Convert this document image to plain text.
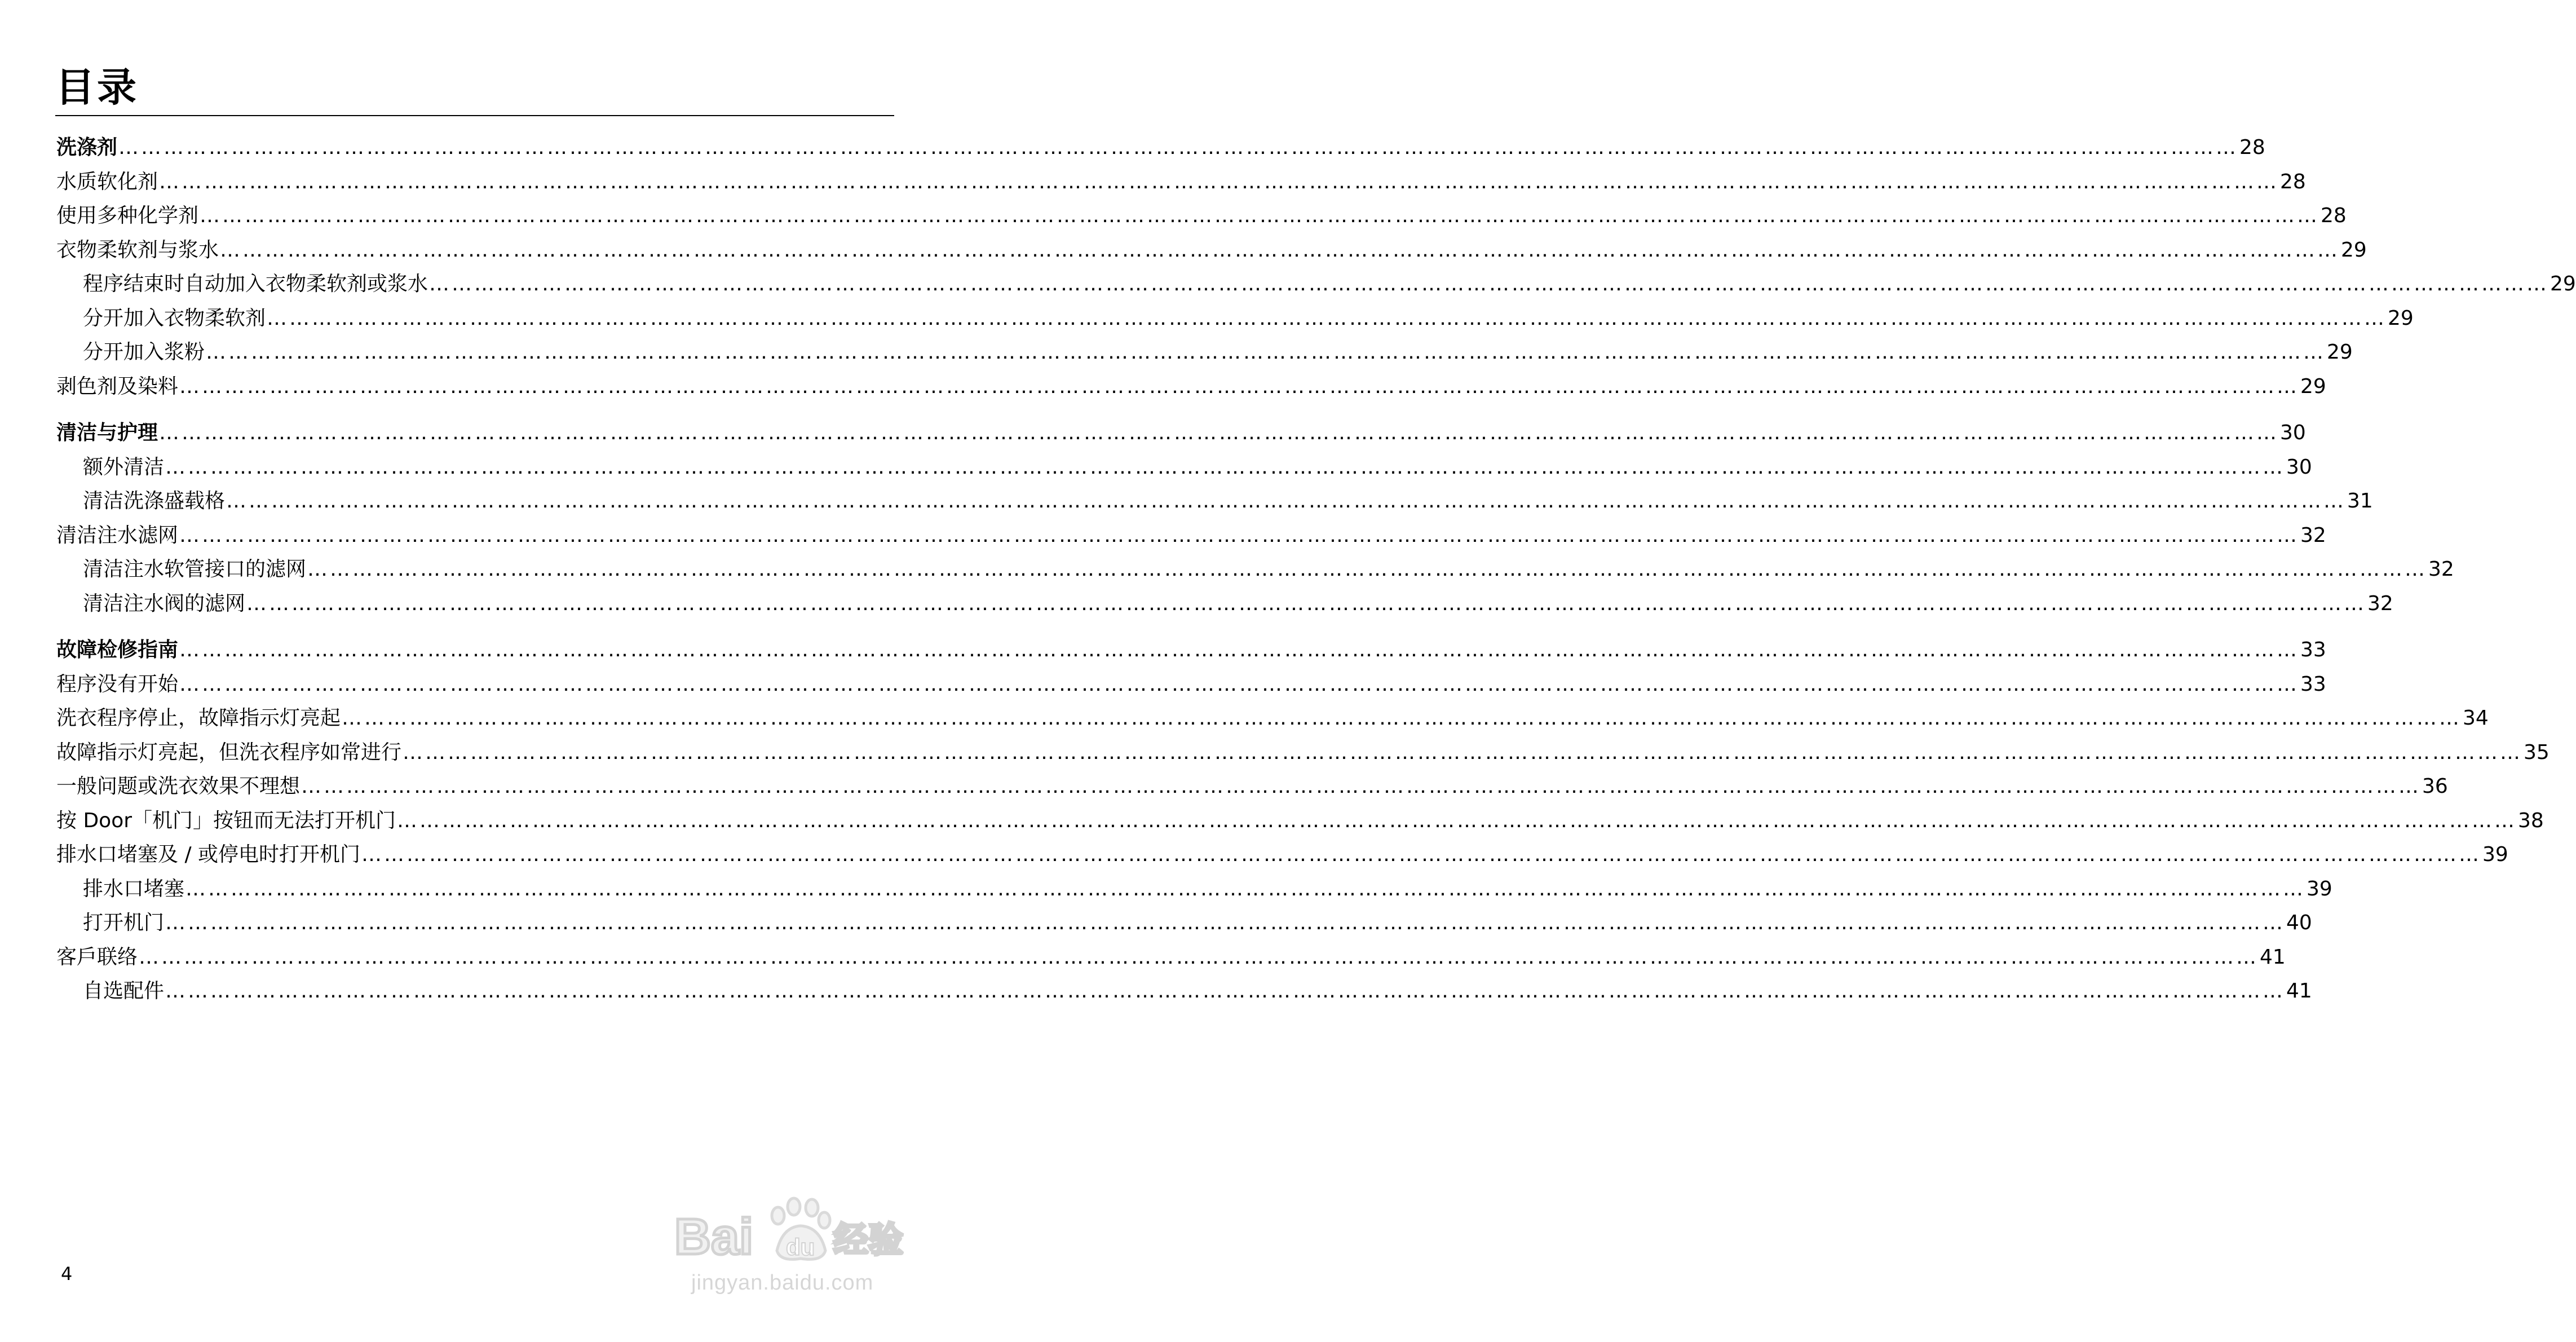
目录
洗涤剂 ………………………………………………………………………………………………………………………………………………………………………………………………………………………………………………………… 28
水质软化剂 ………………………………………………………………………………………………………………………………………………………………………………………………………………………………………………………… 28
使用多种化学剂 ………………………………………………………………………………………………………………………………………………………………………………………………………………………………………………………… 28
衣物柔软剂与浆水 ………………………………………………………………………………………………………………………………………………………………………………………………………………………………………………………… 29
程序结束时自动加入衣物柔软剂或浆水 ………………………………………………………………………………………………………………………………………………………………………………………………………………………………………………………… 29
分开加入衣物柔软剂 ………………………………………………………………………………………………………………………………………………………………………………………………………………………………………………………… 29
分开加入浆粉 ………………………………………………………………………………………………………………………………………………………………………………………………………………………………………………………… 29
剥色剂及染料 ………………………………………………………………………………………………………………………………………………………………………………………………………………………………………………………… 29
清洁与护理 ………………………………………………………………………………………………………………………………………………………………………………………………………………………………………………………… 30
额外清洁 ………………………………………………………………………………………………………………………………………………………………………………………………………………………………………………………… 30
清洁洗涤盛载格 ………………………………………………………………………………………………………………………………………………………………………………………………………………………………………………………… 31
清洁注水滤网 ………………………………………………………………………………………………………………………………………………………………………………………………………………………………………………………… 32
清洁注水软管接口的滤网 ………………………………………………………………………………………………………………………………………………………………………………………………………………………………………………………… 32
清洁注水阀的滤网 ………………………………………………………………………………………………………………………………………………………………………………………………………………………………………………………… 32
故障检修指南 ………………………………………………………………………………………………………………………………………………………………………………………………………………………………………………………… 33
程序没有开始 ………………………………………………………………………………………………………………………………………………………………………………………………………………………………………………………… 33
洗衣程序停止，故障指示灯亮起 ………………………………………………………………………………………………………………………………………………………………………………………………………………………………………………………… 34
故障指示灯亮起，但洗衣程序如常进行 ………………………………………………………………………………………………………………………………………………………………………………………………………………………………………………………… 35
一般问题或洗衣效果不理想 ………………………………………………………………………………………………………………………………………………………………………………………………………………………………………………………… 36
按 Door「机门」按钮而无法打开机门 ………………………………………………………………………………………………………………………………………………………………………………………………………………………………………………………… 38
排水口堵塞及 / 或停电时打开机门 ………………………………………………………………………………………………………………………………………………………………………………………………………………………………………………………… 39
排水口堵塞 ………………………………………………………………………………………………………………………………………………………………………………………………………………………………………………………… 39
打开机门 ………………………………………………………………………………………………………………………………………………………………………………………………………………………………………………………… 40
客戶联络 ………………………………………………………………………………………………………………………………………………………………………………………………………………………………………………………… 41
自选配件 ………………………………………………………………………………………………………………………………………………………………………………………………………………………………………………………… 41
4
Bai du 经验
jingyan.baidu.com
